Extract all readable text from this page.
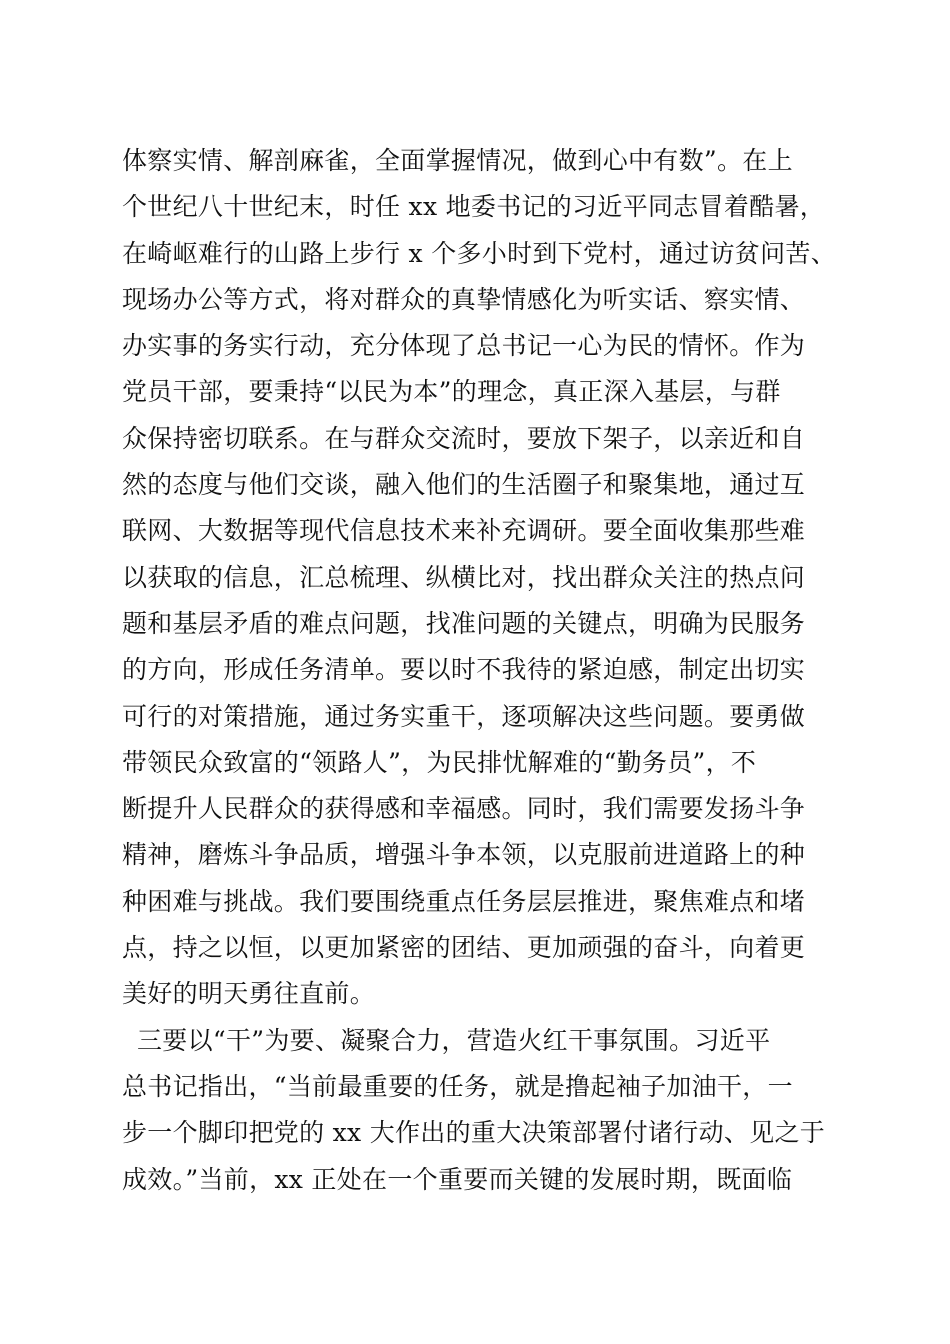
体察实情、解剖麻雀，全面掌握情况，做到心中有数”。在上
个世纪八十世纪末，时任 xx 地委书记的习近平同志冒着酷暑，
在崎岖难行的山路上步行 x 个多小时到下党村，通过访贫问苦、
现场办公等方式，将对群众的真挚情感化为听实话、察实情、
办实事的务实行动，充分体现了总书记一心为民的情怀。作为
党员干部，要秉持“以民为本”的理念，真正深入基层，与群
众保持密切联系。在与群众交流时，要放下架子，以亲近和自
然的态度与他们交谈，融入他们的生活圈子和聚集地，通过互
联网、大数据等现代信息技术来补充调研。要全面收集那些难
以获取的信息，汇总梳理、纵横比对，找出群众关注的热点问
题和基层矛盾的难点问题，找准问题的关键点，明确为民服务
的方向，形成任务清单。要以时不我待的紧迫感，制定出切实
可行的对策措施，通过务实重干，逐项解决这些问题。要勇做
带领民众致富的“领路人”，为民排忧解难的“勤务员”，不
断提升人民群众的获得感和幸福感。同时，我们需要发扬斗争
精神，磨炼斗争品质，增强斗争本领，以克服前进道路上的种
种困难与挑战。我们要围绕重点任务层层推进，聚焦难点和堵
点，持之以恒，以更加紧密的团结、更加顽强的奋斗，向着更
美好的明天勇往直前。
三要以“干”为要、凝聚合力，营造火红干事氛围。习近平
总书记指出，“当前最重要的任务，就是撸起袖子加油干，一
步一个脚印把党的 xx 大作出的重大决策部署付诸行动、见之于
成效。”当前，xx 正处在一个重要而关键的发展时期，既面临
